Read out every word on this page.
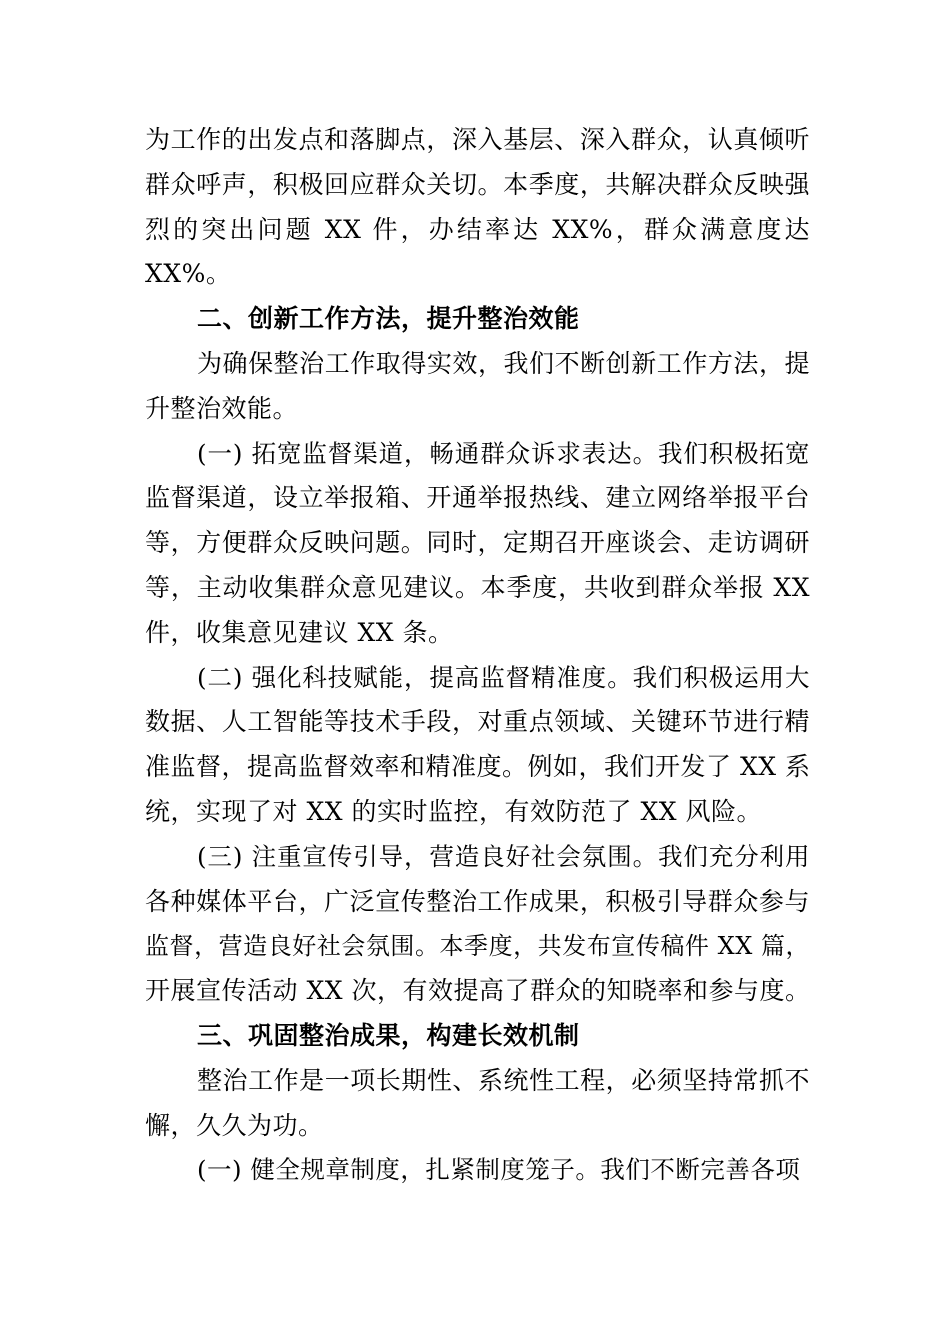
为工作的出发点和落脚点，深入基层、深入群众，认真倾听
群众呼声，积极回应群众关切。本季度，共解决群众反映强
烈的突出问题 XX 件，办结率达 XX%，群众满意度达
XX%。
二、创新工作方法，提升整治效能
为确保整治工作取得实效，我们不断创新工作方法，提
升整治效能。
(一) 拓宽监督渠道，畅通群众诉求表达。我们积极拓宽
监督渠道，设立举报箱、开通举报热线、建立网络举报平台
等，方便群众反映问题。同时，定期召开座谈会、走访调研
等，主动收集群众意见建议。本季度，共收到群众举报 XX
件，收集意见建议 XX 条。
(二) 强化科技赋能，提高监督精准度。我们积极运用大
数据、人工智能等技术手段，对重点领域、关键环节进行精
准监督，提高监督效率和精准度。例如，我们开发了 XX 系
统，实现了对 XX 的实时监控，有效防范了 XX 风险。
(三) 注重宣传引导，营造良好社会氛围。我们充分利用
各种媒体平台，广泛宣传整治工作成果，积极引导群众参与
监督，营造良好社会氛围。本季度，共发布宣传稿件 XX 篇，
开展宣传活动 XX 次，有效提高了群众的知晓率和参与度。
三、巩固整治成果，构建长效机制
整治工作是一项长期性、系统性工程，必须坚持常抓不
懈，久久为功。
(一) 健全规章制度，扎紧制度笼子。我们不断完善各项
